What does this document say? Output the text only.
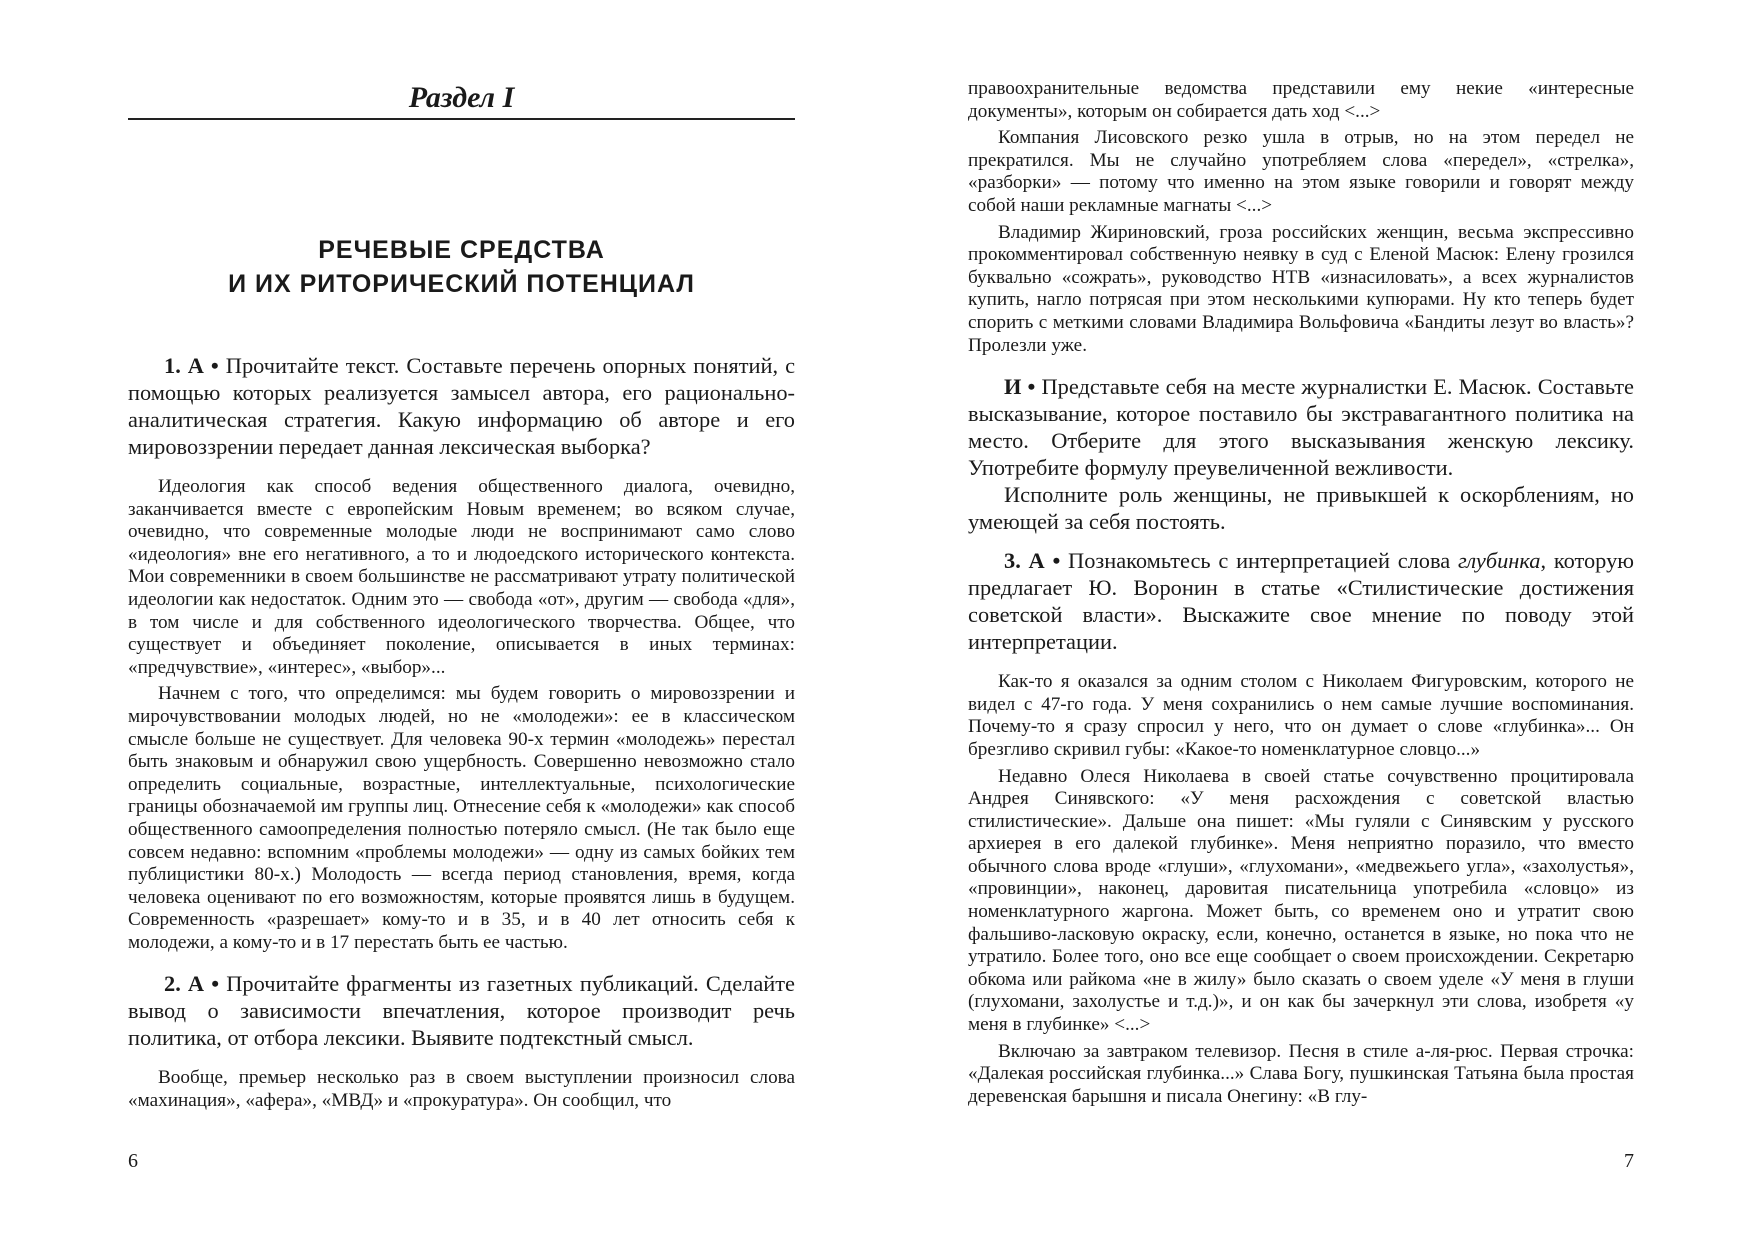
Раздел I
РЕЧЕВЫЕ СРЕДСТВА
И ИХ РИТОРИЧЕСКИЙ ПОТЕНЦИАЛ

1. А • Прочитайте текст. Составьте перечень опорных понятий, с помощью которых реализуется замысел автора, его рационально-аналитическая стратегия. Какую информацию об авторе и его мировоззрении передает данная лексическая выборка?

Идеология как способ ведения общественного диалога, очевидно, заканчивается вместе с европейским Новым временем; во всяком случае, очевидно, что современные молодые люди не воспринимают само слово «идеология» вне его негативного, а то и людоедского исторического контекста. Мои современники в своем большинстве не рассматривают утрату политической идеологии как недостаток. Одним это — свобода «от», другим — свобода «для», в том числе и для собственного идеологического творчества. Общее, что существует и объединяет поколение, описывается в иных терминах: «предчувствие», «интерес», «выбор»...

Начнем с того, что определимся: мы будем говорить о мировоззрении и мирочувствовании молодых людей, но не «молодежи»: ее в классическом смысле больше не существует. Для человека 90-х термин «молодежь» перестал быть знаковым и обнаружил свою ущербность. Совершенно невозможно стало определить социальные, возрастные, интеллектуальные, психологические границы обозначаемой им группы лиц. Отнесение себя к «молодежи» как способ общественного самоопределения полностью потеряло смысл. (Не так было еще совсем недавно: вспомним «проблемы молодежи» — одну из самых бойких тем публицистики 80-х.) Молодость — всегда период становления, время, когда человека оценивают по его возможностям, которые проявятся лишь в будущем. Современность «разрешает» кому-то и в 35, и в 40 лет относить себя к молодежи, а кому-то и в 17 перестать быть ее частью.

2. А • Прочитайте фрагменты из газетных публикаций. Сделайте вывод о зависимости впечатления, которое производит речь политика, от отбора лексики. Выявите подтекстный смысл.

Вообще, премьер несколько раз в своем выступлении произносил слова «махинация», «афера», «МВД» и «прокуратура». Он сообщил, что

6

правоохранительные ведомства представили ему некие «интересные документы», которым он собирается дать ход <...>

Компания Лисовского резко ушла в отрыв, но на этом передел не прекратился. Мы не случайно употребляем слова «передел», «стрелка», «разборки» — потому что именно на этом языке говорили и говорят между собой наши рекламные магнаты <...>

Владимир Жириновский, гроза российских женщин, весьма экспрессивно прокомментировал собственную неявку в суд с Еленой Масюк: Елену грозился буквально «сожрать», руководство НТВ «изнасиловать», а всех журналистов купить, нагло потрясая при этом несколькими купюрами. Ну кто теперь будет спорить с меткими словами Владимира Вольфовича «Бандиты лезут во власть»? Пролезли уже.

И • Представьте себя на месте журналистки Е. Масюк. Составьте высказывание, которое поставило бы экстравагантного политика на место. Отберите для этого высказывания женскую лексику. Употребите формулу преувеличенной вежливости.

Исполните роль женщины, не привыкшей к оскорблениям, но умеющей за себя постоять.

3. А • Познакомьтесь с интерпретацией слова глубинка, которую предлагает Ю. Воронин в статье «Стилистические достижения советской власти». Выскажите свое мнение по поводу этой интерпретации.

Как-то я оказался за одним столом с Николаем Фигуровским, которого не видел с 47-го года. У меня сохранились о нем самые лучшие воспоминания. Почему-то я сразу спросил у него, что он думает о слове «глубинка»... Он брезгливо скривил губы: «Какое-то номенклатурное словцо...»

Недавно Олеся Николаева в своей статье сочувственно процитировала Андрея Синявского: «У меня расхождения с советской властью стилистические». Дальше она пишет: «Мы гуляли с Синявским у русского архиерея в его далекой глубинке». Меня неприятно поразило, что вместо обычного слова вроде «глуши», «глухомани», «медвежьего угла», «захолустья», «провинции», наконец, даровитая писательница употребила «словцо» из номенклатурного жаргона. Может быть, со временем оно и утратит свою фальшиво-ласковую окраску, если, конечно, останется в языке, но пока что не утратило. Более того, оно все еще сообщает о своем происхождении. Секретарю обкома или райкома «не в жилу» было сказать о своем уделе «У меня в глуши (глухомани, захолустье и т.д.)», и он как бы зачеркнул эти слова, изобретя «у меня в глубинке» <...>

Включаю за завтраком телевизор. Песня в стиле а-ля-рюс. Первая строчка: «Далекая российская глубинка...» Слава Богу, пушкинская Татьяна была простая деревенская барышня и писала Онегину: «В глу-

7
